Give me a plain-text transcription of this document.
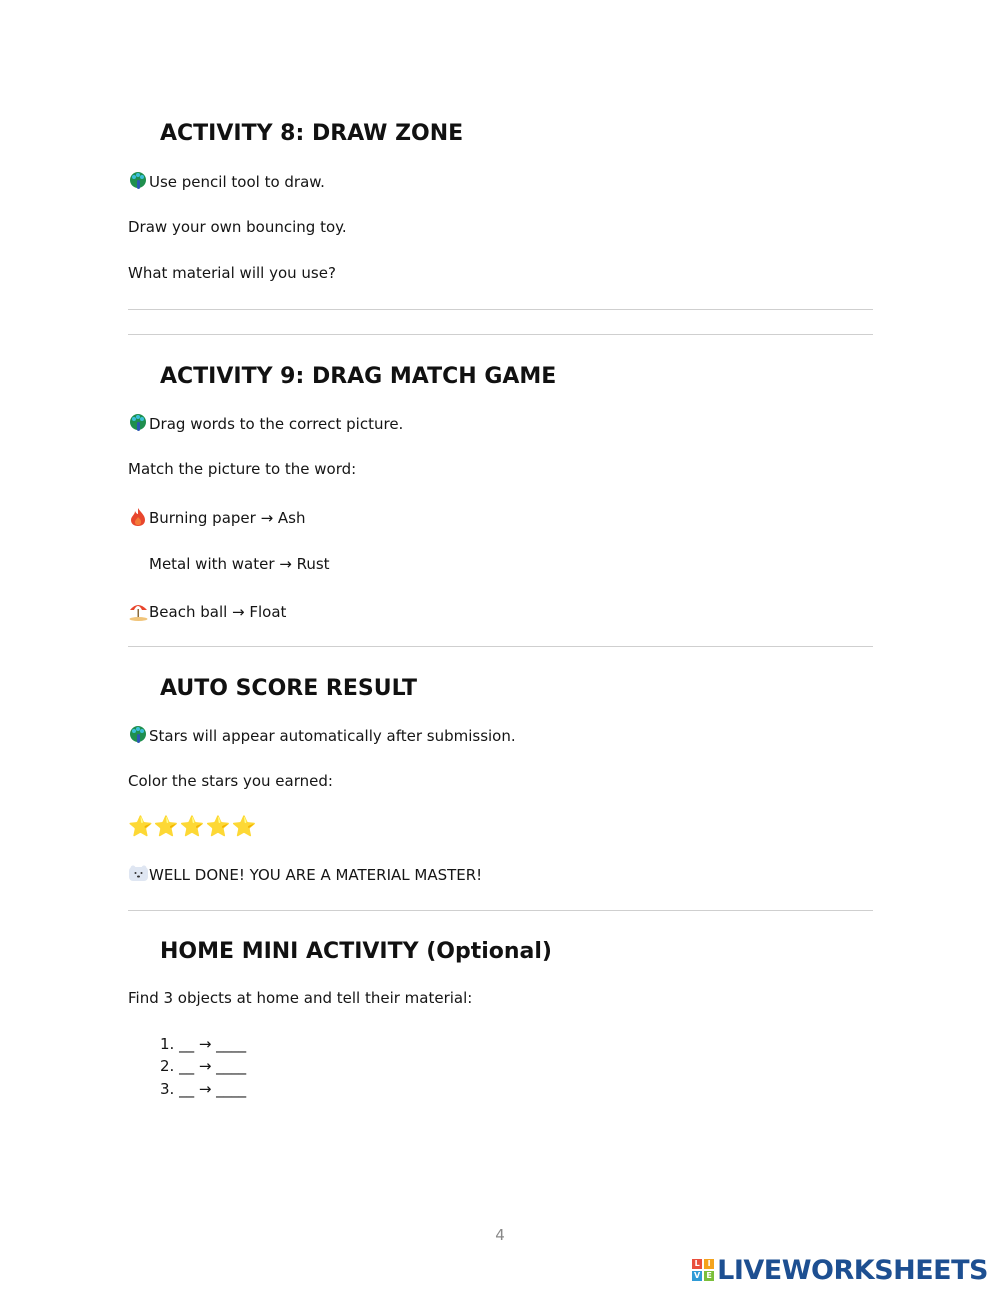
ACTIVITY 8: DRAW ZONE
Use pencil tool to draw.
Draw your own bouncing toy.
What material will you use?
ACTIVITY 9: DRAG MATCH GAME
Drag words to the correct picture.
Match the picture to the word:
Burning paper → Ash
Metal with water → Rust
Beach ball → Float
AUTO SCORE RESULT
Stars will appear automatically after submission.
Color the stars you earned:
⭐⭐⭐⭐⭐
WELL DONE! YOU ARE A MATERIAL MASTER!
HOME MINI ACTIVITY (Optional)
Find 3 objects at home and tell their material:
1. __ → ____
2. __ → ____
3. __ → ____
4
L I
V E LIVEWORKSHEETS
